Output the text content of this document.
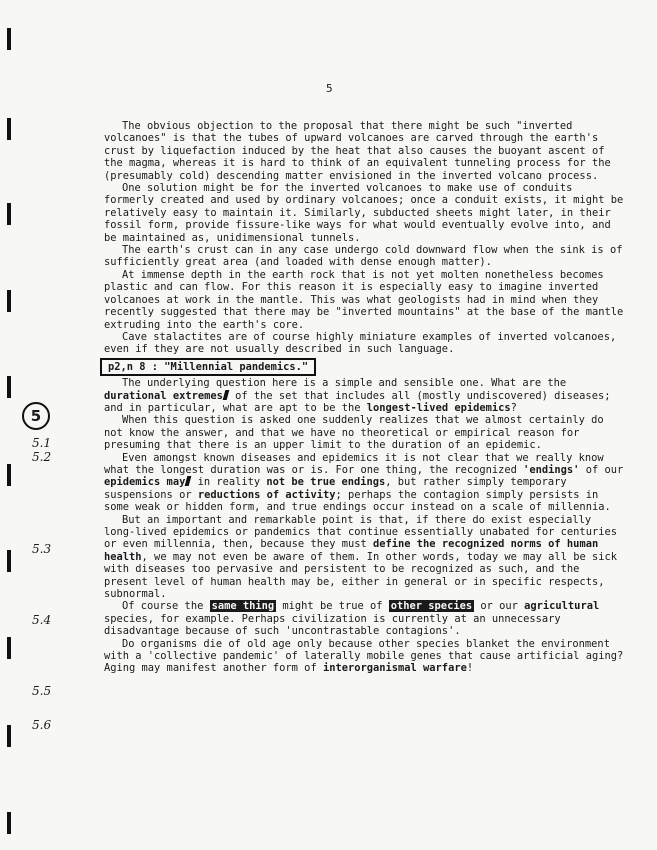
5
5
5.1
5.2
5.3
5.4
5.5
5.6

The obvious objection to the proposal that there might be such "inverted volcanoes" is that the tubes of upward volcanoes are carved through the earth's crust by liquefaction induced by the heat that also causes the buoyant ascent of the magma, whereas it is hard to think of an equivalent tunneling process for the (presumably cold) descending matter envisioned in the inverted volcano process.

One solution might be for the inverted volcanoes to make use of conduits formerly created and used by ordinary volcanoes; once a conduit exists, it might be relatively easy to maintain it. Similarly, subducted sheets might later, in their fossil form, provide fissure-like ways for what would eventually evolve into, and be maintained as, unidimensional tunnels.

The earth's crust can in any case undergo cold downward flow when the sink is of sufficiently great area (and loaded with dense enough matter).

At immense depth in the earth rock that is not yet molten nonetheless becomes plastic and can flow. For this reason it is especially easy to imagine inverted volcanoes at work in the mantle. This was what geologists had in mind when they recently suggested that there may be "inverted mountains" at the base of the mantle extruding into the earth's core.

Cave stalactites are of course highly miniature examples of inverted volcanoes, even if they are not usually described in such language.

p2,n 8 : "Millennial pandemics."

The underlying question here is a simple and sensible one. What are the durational extremes of the set that includes all (mostly undiscovered) diseases; and in particular, what are apt to be the longest-lived epidemics?

When this question is asked one suddenly realizes that we almost certainly do not know the answer, and that we have no theoretical or empirical reason for presuming that there is an upper limit to the duration of an epidemic.

Even amongst known diseases and epidemics it is not clear that we really know what the longest duration was or is. For one thing, the recognized 'endings' of our epidemics may in reality not be true endings, but rather simply temporary suspensions or reductions of activity; perhaps the contagion simply persists in some weak or hidden form, and true endings occur instead on a scale of millennia.

But an important and remarkable point is that, if there do exist especially long-lived epidemics or pandemics that continue essentially unabated for centuries or even millennia, then, because they must define the recognized norms of human health, we may not even be aware of them. In other words, today we may all be sick with diseases too pervasive and persistent to be recognized as such, and the present level of human health may be, either in general or in specific respects, subnormal.

Of course the same thing might be true of other species or our agricultural species, for example. Perhaps civilization is currently at an unnecessary disadvantage because of such 'uncontrastable contagions'.

Do organisms die of old age only because other species blanket the environment with a 'collective pandemic' of laterally mobile genes that cause artificial aging? Aging may manifest another form of interorganismal warfare!
